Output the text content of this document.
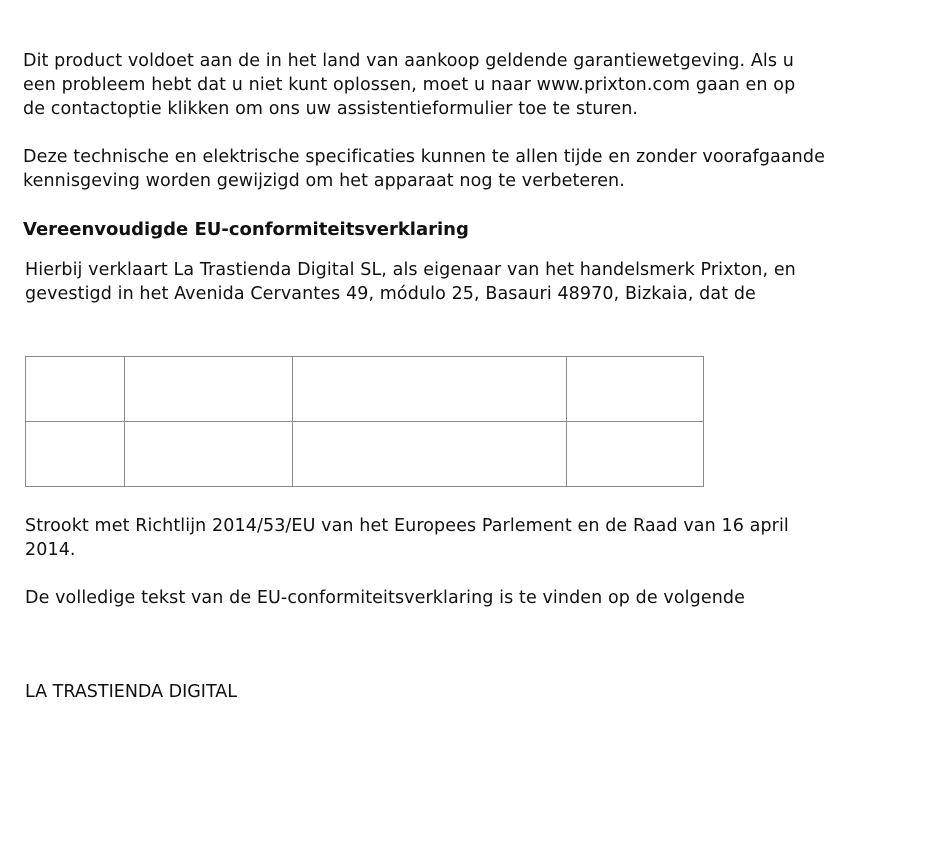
Dit product voldoet aan de in het land van aankoop geldende garantiewetgeving. Als u
een probleem hebt dat u niet kunt oplossen, moet u naar www.prixton.com gaan en op
de contactoptie klikken om ons uw assistentieformulier toe te sturen.

Deze technische en elektrische specificaties kunnen te allen tijde en zonder voorafgaande
kennisgeving worden gewijzigd om het apparaat nog te verbeteren.

Vereenvoudigde EU-conformiteitsverklaring

Hierbij verklaart La Trastienda Digital SL, als eigenaar van het handelsmerk Prixton, en
gevestigd in het Avenida Cervantes 49, módulo 25, Basauri 48970, Bizkaia, dat de

Strookt met Richtlijn 2014/53/EU van het Europees Parlement en de Raad van 16 april
2014.

De volledige tekst van de EU-conformiteitsverklaring is te vinden op de volgende

LA TRASTIENDA DIGITAL
